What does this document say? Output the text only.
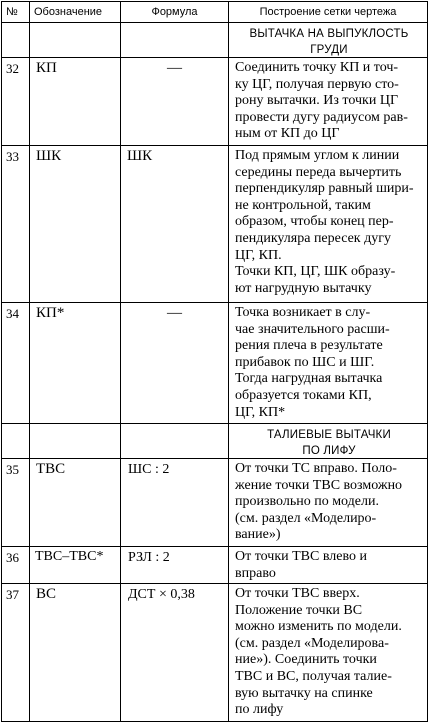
№	Обозначение	Формула	Построение сетки чертежа
ВЫТАЧКА НА ВЫПУКЛОСТЬ
ГРУДИ
32	КП	—	Соединить точку КП и точ-
ку ЦГ, получая первую сто-
рону вытачки. Из точки ЦГ
провести дугу радиусом рав-
ным от КП до ЦГ
33	ШК	ШК	Под прямым углом к линии
середины переда вычертить
перпендикуляр равный шири-
не контрольной, таким
образом, чтобы конец пер-
пендикуляра пересек дугу
ЦГ, КП.
Точки КП, ЦГ, ШК образу-
ют нагрудную вытачку
34	КП*	—	Точка возникает в слу-
чае значительного расши-
рения плеча в результате
прибавок по ШС и ШГ.
Тогда нагрудная вытачка
образуется токами КП,
ЦГ, КП*
ТАЛИЕВЫЕ ВЫТАЧКИ
ПО ЛИФУ
35	ТВС	ШС : 2	От точки ТС вправо. Поло-
жение точки ТВС возможно
произвольно по модели.
(см. раздел «Моделиро-
вание»)
36	ТВС–ТВС*	РЗЛ : 2	От точки ТВС влево и
вправо
37	ВС	ДСТ × 0,38	От точки ТВС вверх.
Положение точки ВС
можно изменить по модели.
(см. раздел «Моделирова-
ние»). Соединить точки
ТВС и ВС, получая талие-
вую вытачку на спинке
по лифу
